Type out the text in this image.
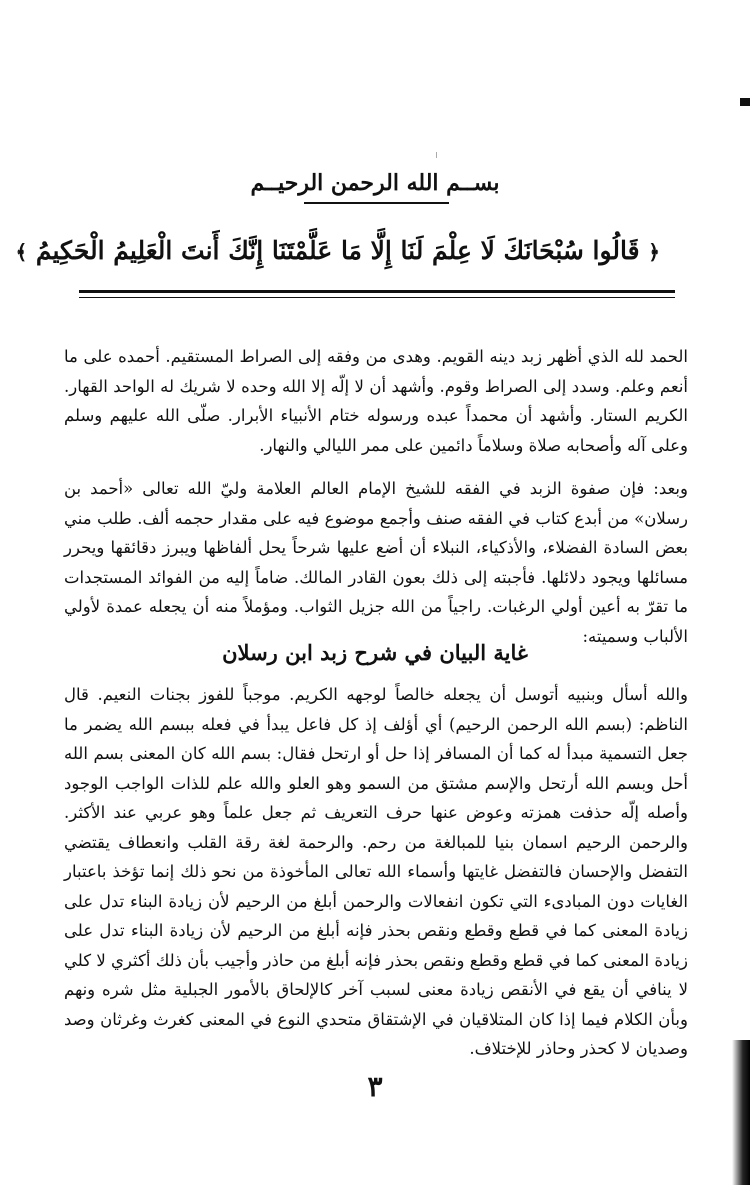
بســم الله الرحمن الرحيــم
﴿ قَالُوا سُبْحَانَكَ لَا عِلْمَ لَنَا إِلَّا مَا عَلَّمْتَنَا إِنَّكَ أَنتَ الْعَلِيمُ الْحَكِيمُ ﴾

الحمد لله الذي أظهر زبد دينه القويم. وهدى من وفقه إلى الصراط المستقيم. أحمده على ما أنعم وعلم. وسدد إلى الصراط وقوم. وأشهد أن لا إلّه إلا الله وحده لا شريك له الواحد القهار. الكريم الستار. وأشهد أن محمداً عبده ورسوله ختام الأنبياء الأبرار. صلّى الله عليهم وسلم وعلى آله وأصحابه صلاة وسلاماً دائمين على ممر الليالي والنهار.

وبعد: فإن صفوة الزبد في الفقه للشيخ الإمام العالم العلامة وليّ الله تعالى «أحمد بن رسلان» من أبدع كتاب في الفقه صنف وأجمع موضوع فيه على مقدار حجمه ألف. طلب مني بعض السادة الفضلاء، والأذكياء، النبلاء أن أضع عليها شرحاً يحل ألفاظها ويبرز دقائقها ويحرر مسائلها ويجود دلائلها. فأجبته إلى ذلك بعون القادر المالك. ضاماً إليه من الفوائد المستجدات ما تقرّ به أعين أولي الرغبات. راجياً من الله جزيل الثواب. ومؤملاً منه أن يجعله عمدة لأولي الألباب وسميته:

غاية البيان في شرح زبد ابن رسلان

والله أسأل وبنبيه أتوسل أن يجعله خالصاً لوجهه الكريم. موجباً للفوز بجنات النعيم. قال الناظم: (بسم الله الرحمن الرحيم) أي أؤلف إذ كل فاعل يبدأ في فعله ببسم الله يضمر ما جعل التسمية مبدأ له كما أن المسافر إذا حل أو ارتحل فقال: بسم الله كان المعنى بسم الله أحل وبسم الله أرتحل والإسم مشتق من السمو وهو العلو والله علم للذات الواجب الوجود وأصله إلّه حذفت همزته وعوض عنها حرف التعريف ثم جعل علماً وهو عربي عند الأكثر. والرحمن الرحيم اسمان بنيا للمبالغة من رحم. والرحمة لغة رقة القلب وانعطاف يقتضي التفضل والإحسان فالتفضل غايتها وأسماء الله تعالى المأخوذة من نحو ذلك إنما تؤخذ باعتبار الغايات دون المبادىء التي تكون انفعالات والرحمن أبلغ من الرحيم لأن زيادة البناء تدل على زيادة المعنى كما في قطع وقطع ونقص بحذر فإنه أبلغ من الرحيم لأن زيادة البناء تدل على زيادة المعنى كما في قطع وقطع ونقص بحذر فإنه أبلغ من حاذر وأجيب بأن ذلك أكثري لا كلي لا ينافي أن يقع في الأنقص زيادة معنى لسبب آخر كالإلحاق بالأمور الجبلية مثل شره ونهم وبأن الكلام فيما إذا كان المتلاقيان في الإشتقاق متحدي النوع في المعنى كغرث وغرثان وصد وصديان لا كحذر وحاذر للإختلاف.

٣
